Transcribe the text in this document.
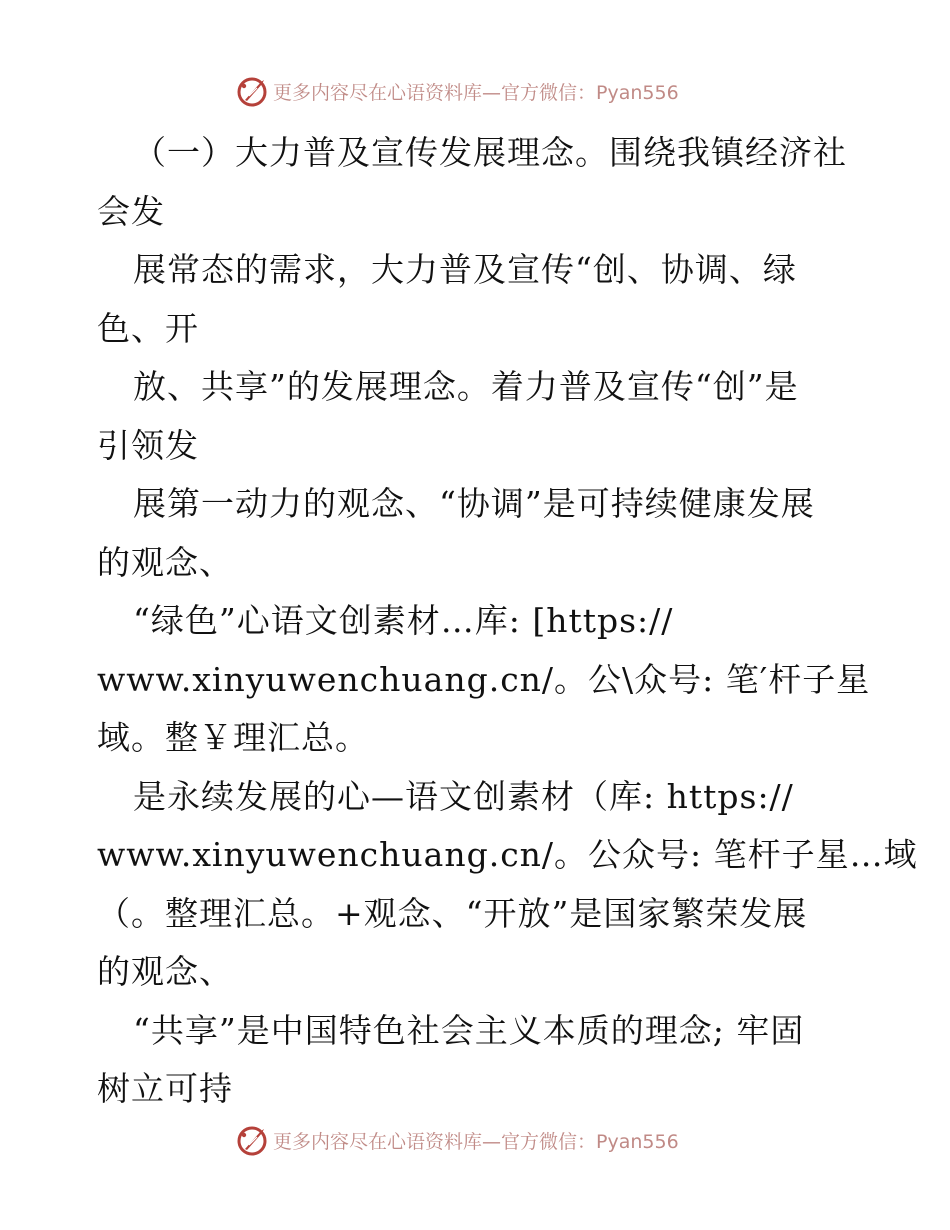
更多内容尽在心语资料库—官方微信：Pyan556
（一）大力普及宣传发展理念。围绕我镇经济社
会发
展常态的需求，大力普及宣传“创、协调、绿
色、开
放、共享”的发展理念。着力普及宣传“创”是
引领发
展第一动力的观念、“协调”是可持续健康发展
的观念、
“绿色”心语文创素材…库: [https://
www.xinyuwenchuang.cn/。公\众号: 笔′杆子星
域。整￥理汇总。
是永续发展的心—语文创素材（库: https://
www.xinyuwenchuang.cn/。公众号: 笔杆子星…域
（。整理汇总。+观念、“开放”是国家繁荣发展
的观念、
“共享”是中国特色社会主义本质的理念; 牢固
树立可持
更多内容尽在心语资料库—官方微信：Pyan556
